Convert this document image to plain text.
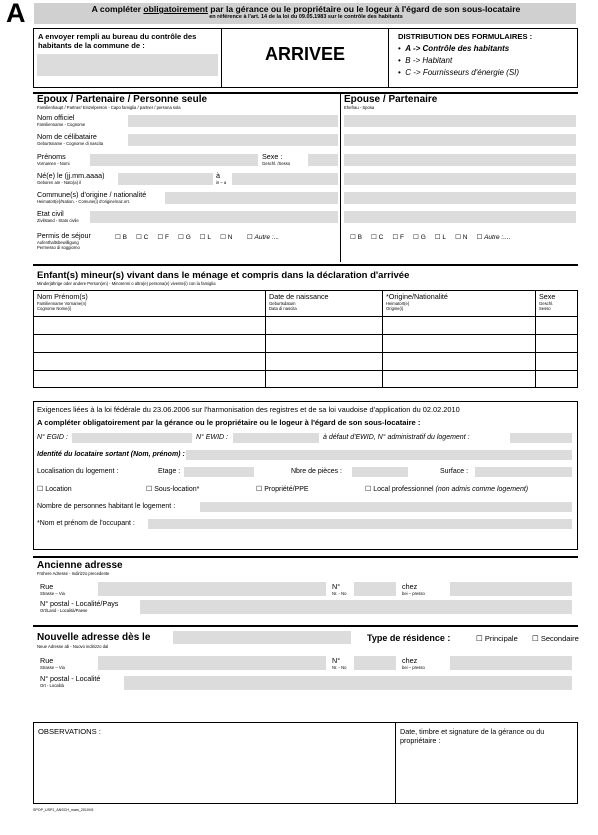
A	A compléter obligatoirement par la gérance ou le propriétaire ou le logeur à l'égard de son sous-locataire
en référence à l'art. 14 de la loi du 09.05.1983 sur le contrôle des habitants
A envoyer rempli au bureau du contrôle des habitants de la commune de :	ARRIVEE
DISTRIBUTION DES FORMULAIRES :
• A -> Contrôle des habitants
• B -> Habitant
• C -> Fournisseurs d'énergie (SI)
Epoux / Partenaire / Personne seule
Familienhaupt / Partner/ Einzelperson - Capo famiglia / partner / persona sola
Epouse / Partenaire
Ehefrau - Sposa
Nom officiel
Familienname - Cognome
Nom de célibataire
Geburtsname - Cognome di nascita
Prénoms
Vornamen - Nomi
Sexe :
Geschl. /Sesso
Né(e) le (jj.mm.aaaa)
Geboren am - Nato(a) il
à
in – a
Commune(s) d'origine / nationalité
Heimatort(e)/Nation. - Comune(i) d'origine/naz.ort.
Etat civil
Zivilstand - Stato civile
Permis de séjour
Aufenthaltsbewilligung
Permesso di soggiorno
☐ B ☐ C ☐ F ☐ G ☐ L ☐ N ☐ Autre :...	☐ B ☐ C ☐ F ☐ G ☐ L ☐ N ☐ Autre :....
Enfant(s) mineur(s) vivant dans le ménage et compris dans la déclaration d'arrivée
Minderjährige oder andere Person(en) - Minorenni o altra(e) persona(e) vivente(i) con la famiglia
Nom Prénom(s)
Familienname Vorname(n)
Cognome Nome(i)
Date de naissance
Geburtsdatum
Data di nascita
*Origine/Nationalité
Heimatort(e)
Origine(i)
Sexe
Geschl.
Sesso
Exigences liées à la loi fédérale du 23.06.2006 sur l'harmonisation des registres et de sa loi vaudoise d'application du 02.02.2010
A compléter obligatoirement par la gérance ou le propriétaire ou le logeur à l'égard de son sous-locataire :
N° EGID :	N° EWID :	à défaut d'EWID, N° administratif du logement :
Identité du locataire sortant (Nom, prénom) :
Localisation du logement :	Etage :	Nbre de pièces :	Surface :
☐ Location	☐ Sous-location*	☐ Propriété/PPE	☐ Local professionnel (non admis comme logement)
Nombre de personnes habitant le logement :
*Nom et prénom de l'occupant :
Ancienne adresse
Frühere Adresse - Indirizzo precedente
Rue
Strasse – Via
N°
Nr. - No
chez
bei – presso
N° postal - Localité/Pays
Ort/Land - Località/Paese
Nouvelle adresse dès le
Neue Adresse ab - Nuovo indirizzo dal
Type de résidence :	☐ Principale ☐ Secondaire
Rue
Strasse – Via
N°
Nr. - No
chez
bei – presso
N° postal - Localité
Ort - Località
OBSERVATIONS :	Date, timbre et signature de la gérance ou du propriétaire :
SPOP_USP1_ANSCH_mars_2010V6
